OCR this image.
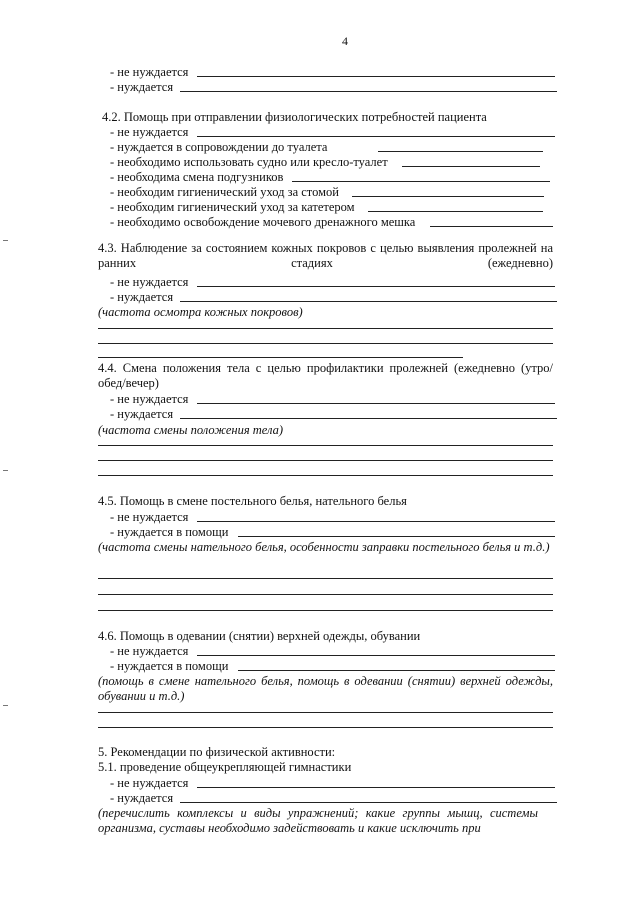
4
- не нуждается
- нуждается
4.2. Помощь при отправлении физиологических потребностей пациента
- не нуждается
- нуждается в сопровождении до туалета
- необходимо использовать судно или кресло-туалет
- необходима смена подгузников
- необходим гигиенический уход за стомой
- необходим гигиенический уход за катетером
- необходимо освобождение мочевого дренажного мешка
4.3. Наблюдение за состоянием кожных покровов с целью выявления пролежней на ранних стадиях (ежедневно)
- не нуждается
- нуждается
(частота осмотра кожных покровов)
4.4. Смена положения тела с целью профилактики пролежней (ежедневно (утро/обед/вечер)
- не нуждается
- нуждается
(частота смены положения тела)
4.5. Помощь в смене постельного белья, нательного белья
- не нуждается
- нуждается в помощи
(частота смены нательного белья, особенности заправки постельного белья и т.д.)
4.6. Помощь в одевании (снятии) верхней одежды, обувании
- не нуждается
- нуждается в помощи
(помощь в смене нательного белья, помощь в одевании (снятии) верхней одежды, обувании и т.д.)
5. Рекомендации по физической активности:
5.1. проведение общеукрепляющей гимнастики
- не нуждается
- нуждается
(перечислить комплексы и виды упражнений; какие группы мышц, системы организма, суставы необходимо задействовать и какие исключить при
